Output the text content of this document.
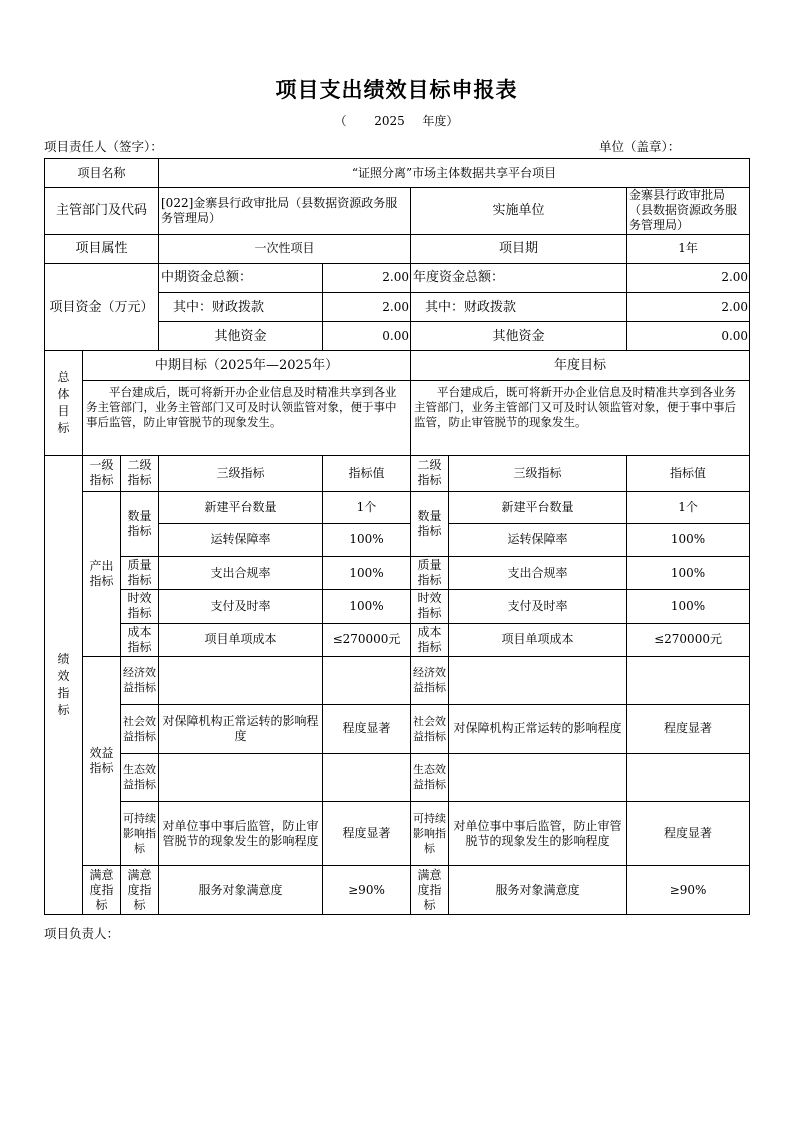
项目支出绩效目标申报表
（ 2025 年度）
项目责任人（签字）：	单位（盖章）：
项目名称			“证照分离”市场主体数据共享平台项目				
主管部门及代码			[022]金寨县行政审批局（县数据资源政务服务管理局）		实施单位		金寨县行政审批局（县数据资源政务服务管理局）
项目属性			一次性项目		项目期		1年
项目资金（万元）			中期资金总额：	2.00	年度资金总额：		2.00
			其中：财政拨款	2.00	其中：财政拨款		2.00
			其他资金	0.00	其他资金		0.00

总体目标	中期目标（2025年—2025年）				年度目标		

	平台建成后，既可将新开办企业信息及时精准共享到各业务主管部门，业务主管部门又可及时认领监管对象，便于事中事后监管，防止审管脱节的现象发生。				平台建成后，既可将新开办企业信息及时精准共享到各业务主管部门，业务主管部门又可及时认领监管对象，便于事中事后监管，防止审管脱节的现象发生。		

绩效指标	一级指标	二级指标	三级指标	指标值	二级指标	三级指标	指标值
	产出指标	数量指标	新建平台数量	1个	数量指标	新建平台数量	1个
			运转保障率	100%		运转保障率	100%
		质量指标	支出合规率	100%	质量指标	支出合规率	100%
		时效指标	支付及时率	100%	时效指标	支付及时率	100%
		成本指标	项目单项成本	≤270000元	成本指标	项目单项成本	≤270000元
	效益指标	经济效益指标			经济效益指标		
		社会效益指标	对保障机构正常运转的影响程度	程度显著	社会效益指标	对保障机构正常运转的影响程度	程度显著
		生态效益指标			生态效益指标		
		可持续影响指标	对单位事中事后监管，防止审管脱节的现象发生的影响程度	程度显著	可持续影响指标	对单位事中事后监管，防止审管脱节的现象发生的影响程度	程度显著
	满意度指标	满意度指标	服务对象满意度	≥90%	满意度指标	服务对象满意度	≥90%
项目负责人：
